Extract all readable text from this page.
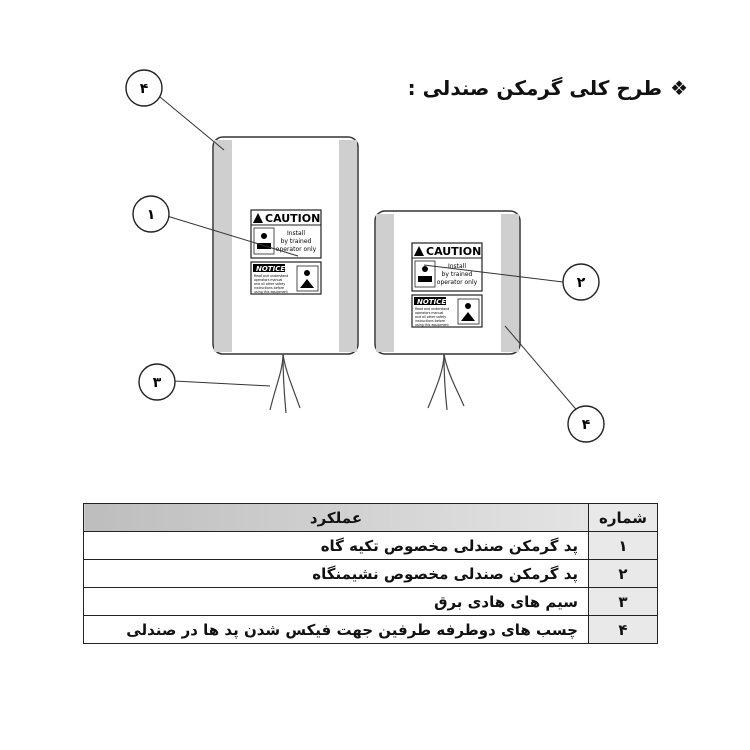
❖
طرح کلی گرمکن صندلی :
CAUTION
Install
by trained
operator only
NOTICE
Read and understand
operators manual
and all other safety
instructions before
using this equipment
CAUTION
Install
by trained
operator only
NOTICE
Read and understand
operators manual
and all other safety
instructions before
using this equipment
۴
۱
۳
۲
۴
شماره	عملکرد
۱	پد گرمکن صندلی مخصوص تکیه گاه
۲	پد گرمکن صندلی مخصوص نشیمنگاه
۳	سیم های هادی برق
۴	چسب های دوطرفه طرفین جهت فیکس شدن پد ها در صندلی
